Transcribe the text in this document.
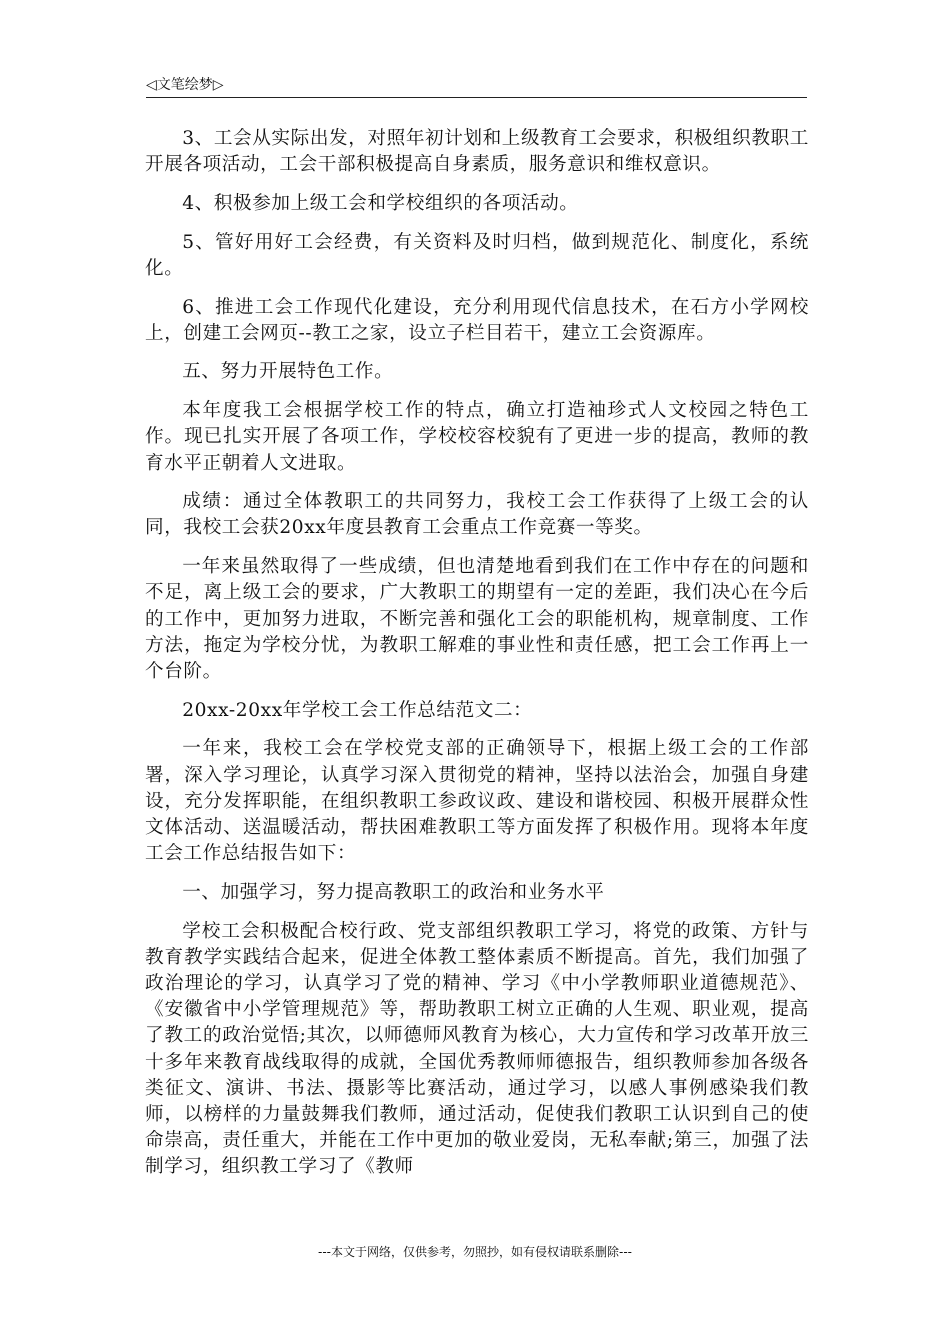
◁文笔绘梦▷

3、工会从实际出发，对照年初计划和上级教育工会要求，积极组织教职工开展各项活动，工会干部积极提高自身素质，服务意识和维权意识。

4、积极参加上级工会和学校组织的各项活动。

5、管好用好工会经费，有关资料及时归档，做到规范化、制度化，系统化。

6、推进工会工作现代化建设，充分利用现代信息技术，在石方小学网校上，创建工会网页--教工之家，设立子栏目若干，建立工会资源库。

五、努力开展特色工作。

本年度我工会根据学校工作的特点，确立打造袖珍式人文校园之特色工作。现已扎实开展了各项工作，学校校容校貌有了更进一步的提高，教师的教育水平正朝着人文进取。

成绩：通过全体教职工的共同努力，我校工会工作获得了上级工会的认同，我校工会获20xx年度县教育工会重点工作竞赛一等奖。

一年来虽然取得了一些成绩，但也清楚地看到我们在工作中存在的问题和不足，离上级工会的要求，广大教职工的期望有一定的差距，我们决心在今后的工作中，更加努力进取，不断完善和强化工会的职能机构，规章制度、工作方法，拖定为学校分忧，为教职工解难的事业性和责任感，把工会工作再上一个台阶。

20xx-20xx年学校工会工作总结范文二：

一年来，我校工会在学校党支部的正确领导下，根据上级工会的工作部署，深入学习理论，认真学习深入贯彻党的精神，坚持以法治会，加强自身建设，充分发挥职能，在组织教职工参政议政、建设和谐校园、积极开展群众性文体活动、送温暖活动，帮扶困难教职工等方面发挥了积极作用。现将本年度工会工作总结报告如下：

一、加强学习，努力提高教职工的政治和业务水平

学校工会积极配合校行政、党支部组织教职工学习，将党的政策、方针与教育教学实践结合起来，促进全体教工整体素质不断提高。首先，我们加强了政治理论的学习，认真学习了党的精神、学习《中小学教师职业道德规范》、《安徽省中小学管理规范》等，帮助教职工树立正确的人生观、职业观，提高了教工的政治觉悟;其次，以师德师风教育为核心，大力宣传和学习改革开放三十多年来教育战线取得的成就，全国优秀教师师德报告，组织教师参加各级各类征文、演讲、书法、摄影等比赛活动，通过学习，以感人事例感染我们教师，以榜样的力量鼓舞我们教师，通过活动，促使我们教职工认识到自己的使命崇高，责任重大，并能在工作中更加的敬业爱岗，无私奉献;第三，加强了法制学习，组织教工学习了《教师

---本文于网络，仅供参考，勿照抄，如有侵权请联系删除---
